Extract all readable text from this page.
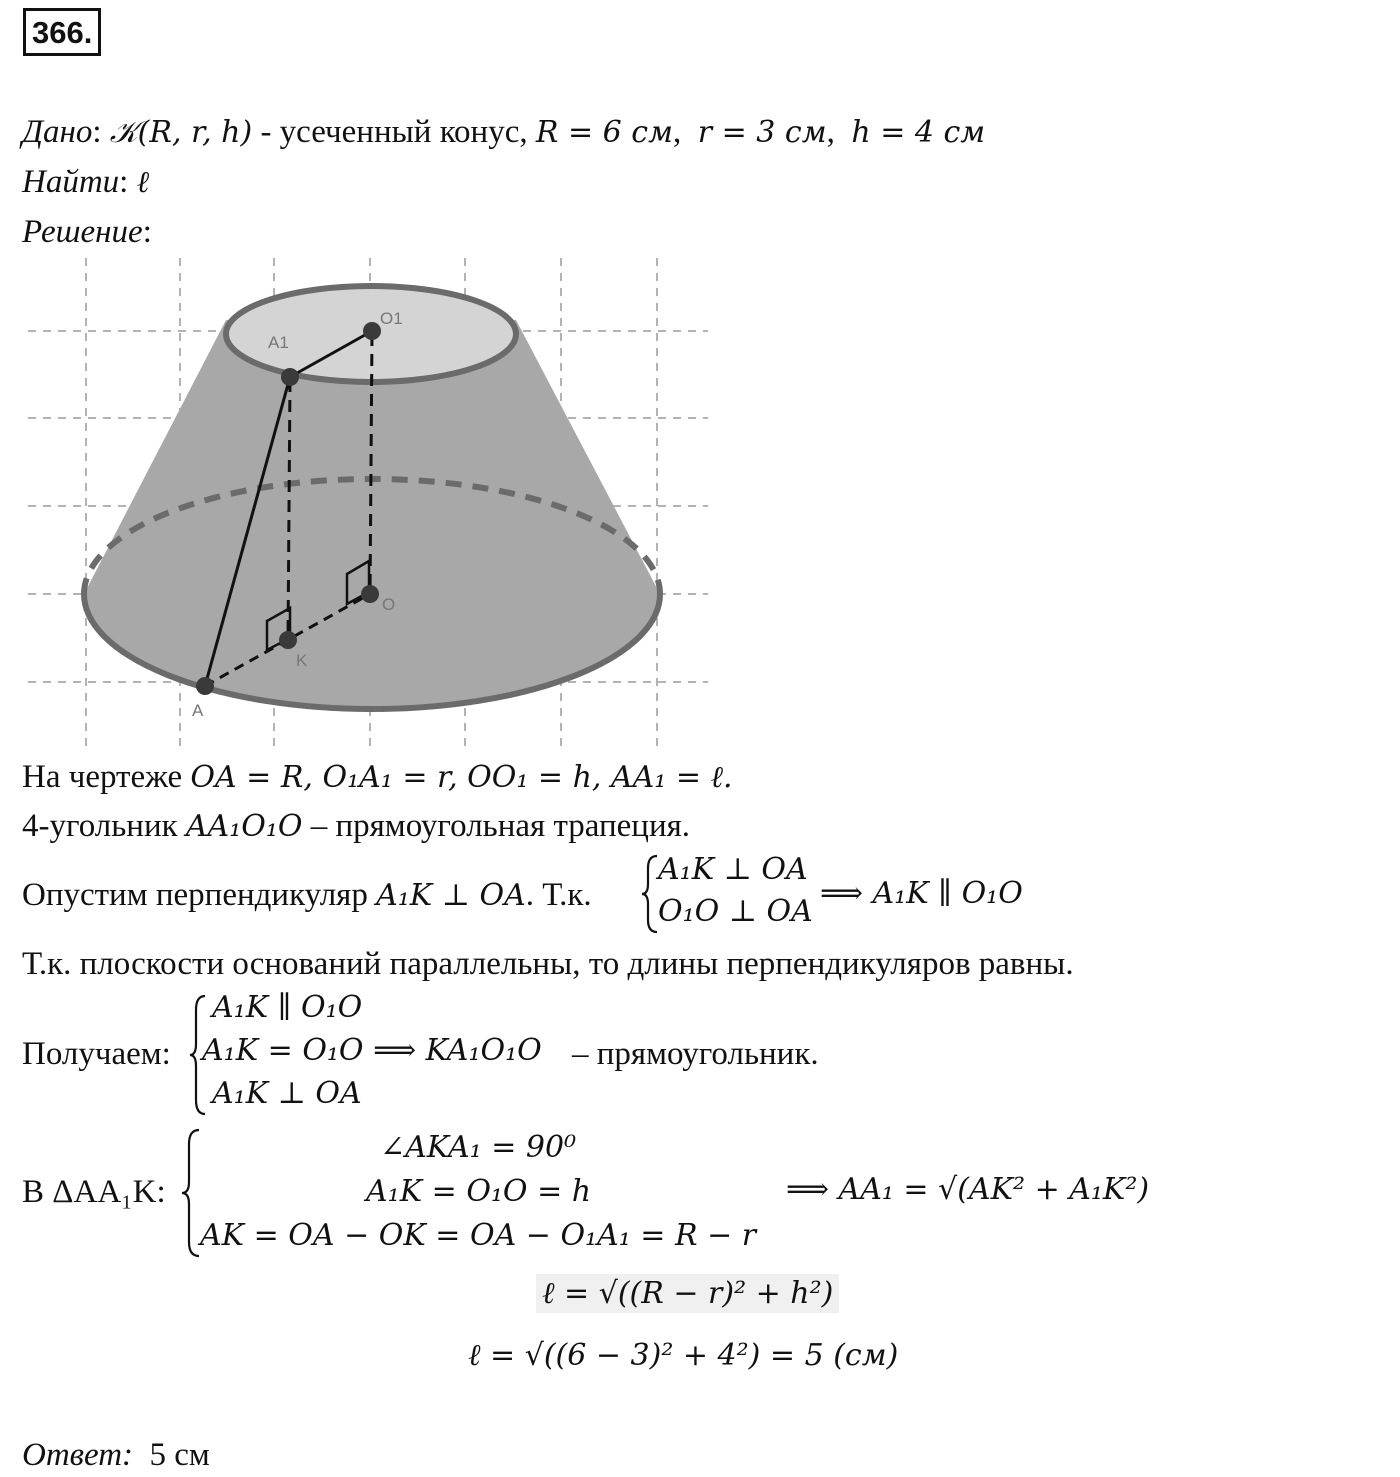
366.
Дано: 𝒦(R, r, h) - усеченный конус, R = 6 см,  r = 3 см,  h = 4 см
Найти: ℓ
Решение:
O1
A1
O
K
A
На чертеже OA = R, O₁A₁ = r, OO₁ = h, AA₁ = ℓ.
4-угольник AA₁O₁O – прямоугольная трапеция.
Опустим перпендикуляр A₁K ⊥ OA. Т.к.
A₁K ⊥ OA
O₁O ⊥ OA
⟹ A₁K ∥ O₁O
Т.к. плоскости оснований параллельны, то длины перпендикуляров равны.
Получаем:
A₁K ∥ O₁O
A₁K = O₁O ⟹ KA₁O₁O
A₁K ⊥ OA
– прямоугольник.
В ΔAA₁K:
∠AKA₁ = 90⁰
A₁K = O₁O = h
AK = OA − OK = OA − O₁A₁ = R − r
⟹ AA₁ = √(AK² + A₁K²)
ℓ = √((R − r)² + h²)
ℓ = √((6 − 3)² + 4²) = 5 (см)
Ответ: 5 см
